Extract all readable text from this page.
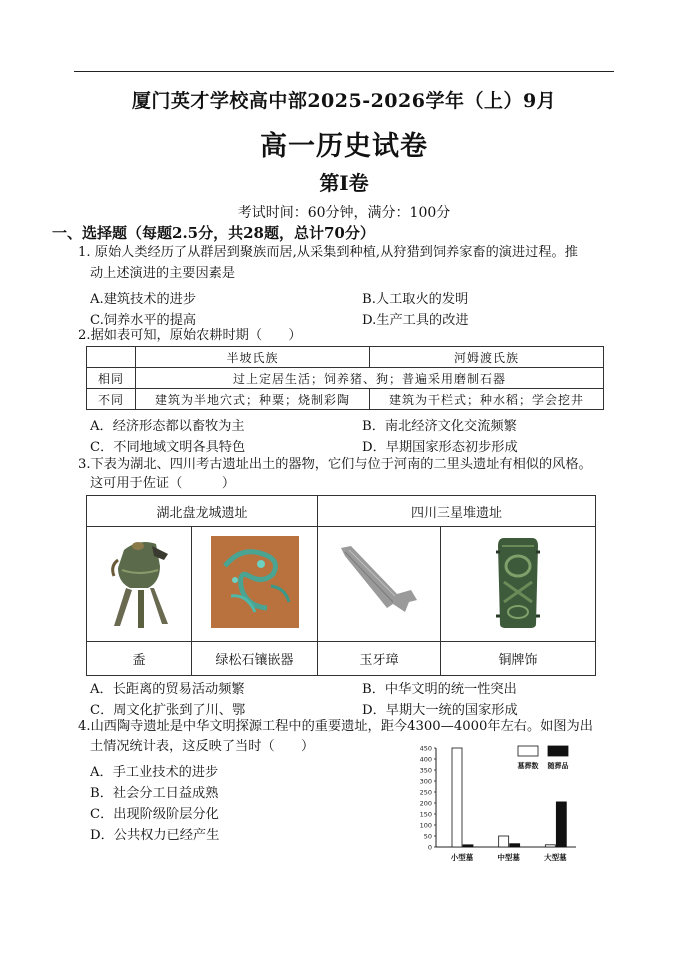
厦门英才学校高中部2025-2026学年（上）9月
高一历史试卷
第Ⅰ卷
考试时间：60分钟，满分：100分
一、选择题（每题2.5分，共28题，总计70分）
1. 原始人类经历了从群居到聚族而居,从采集到种植,从狩猎到饲养家畜的演进过程。推
动上述演进的主要因素是
A.建筑技术的进步	B.人工取火的发明
C.饲养水平的提高	D.生产工具的改进
2.据如表可知，原始农耕时期（　　）
	半坡氏族	河姆渡氏族
相同	过上定居生活；饲养猪、狗；普遍采用磨制石器	
不同	建筑为半地穴式；种粟；烧制彩陶	建筑为干栏式；种水稻；学会挖井
A．经济形态都以畜牧为主	B．南北经济文化交流频繁
C．不同地域文明各具特色	D．早期国家形态初步形成
3.下表为湖北、四川考古遗址出土的器物，它们与位于河南的二里头遗址有相似的风格。
这可用于佐证（　　　）
湖北盘龙城遗址		四川三星堆遗址	

盉	绿松石镶嵌器	玉牙璋	铜牌饰
A．长距离的贸易活动频繁	B．中华文明的统一性突出
C．周文化扩张到了川、鄂	D．早期大一统的国家形成
4.山西陶寺遗址是中华文明探源工程中的重要遗址，距今4300—4000年左右。如图为出
土情况统计表，这反映了当时（　　）
A．手工业技术的进步
B．社会分工日益成熟
C．出现阶级阶层分化
D．公共权力已经产生
0
50
100
150
200
250
300
350
400
450
小型墓	中型墓	大型墓
墓葬数 随葬品
